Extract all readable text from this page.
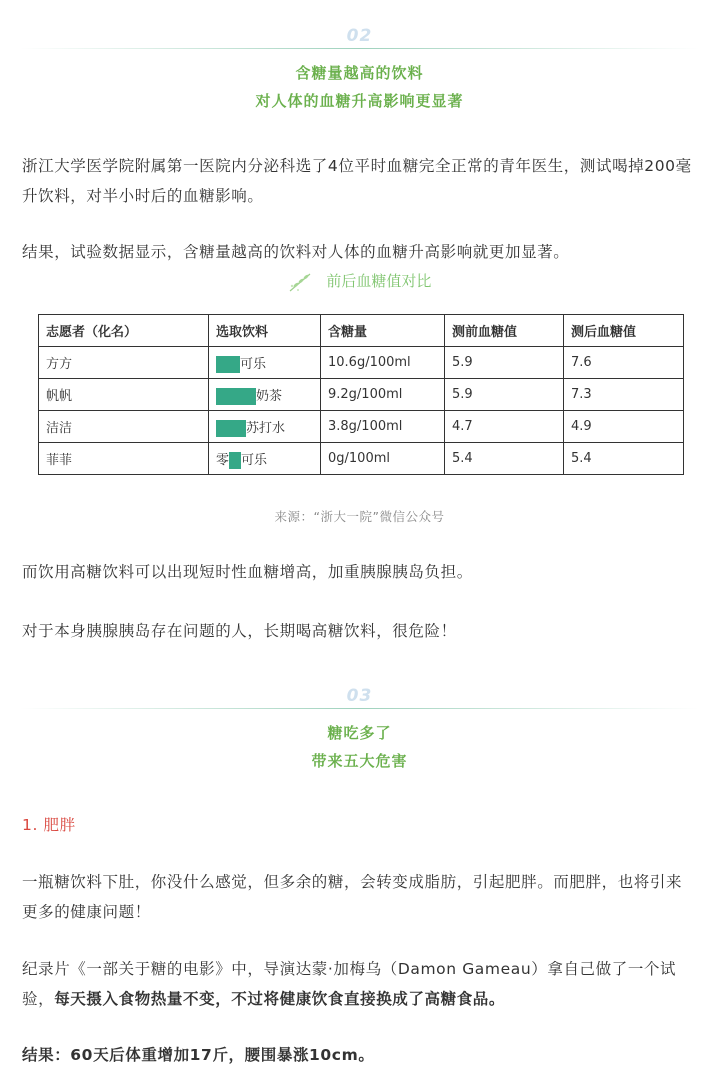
02
含糖量越高的饮料
对人体的血糖升高影响更显著

浙江大学医学院附属第一医院内分泌科选了4位平时血糖完全正常的青年医生，测试喝掉200毫升饮料，对半小时后的血糖影响。

结果，试验数据显示，含糖量越高的饮料对人体的血糖升高影响就更加显著。

前后血糖值对比
志愿者（化名）	选取饮料	含糖量	测前血糖值	测后血糖值
方方	可乐	10.6g/100ml	5.9	7.6
帆帆	奶茶	9.2g/100ml	5.9	7.3
洁洁	苏打水	3.8g/100ml	4.7	4.9
菲菲	零 可乐	0g/100ml	5.4	5.4
来源：“浙大一院”微信公众号

而饮用高糖饮料可以出现短时性血糖增高，加重胰腺胰岛负担。

对于本身胰腺胰岛存在问题的人，长期喝高糖饮料，很危险！

03
糖吃多了
带来五大危害

1. 肥胖

一瓶糖饮料下肚，你没什么感觉，但多余的糖，会转变成脂肪，引起肥胖。而肥胖，也将引来更多的健康问题！

纪录片《一部关于糖的电影》中，导演达蒙·加梅乌（Damon Gameau）拿自己做了一个试验，每天摄入食物热量不变，不过将健康饮食直接换成了高糖食品。

结果：60天后体重增加17斤，腰围暴涨10cm。
